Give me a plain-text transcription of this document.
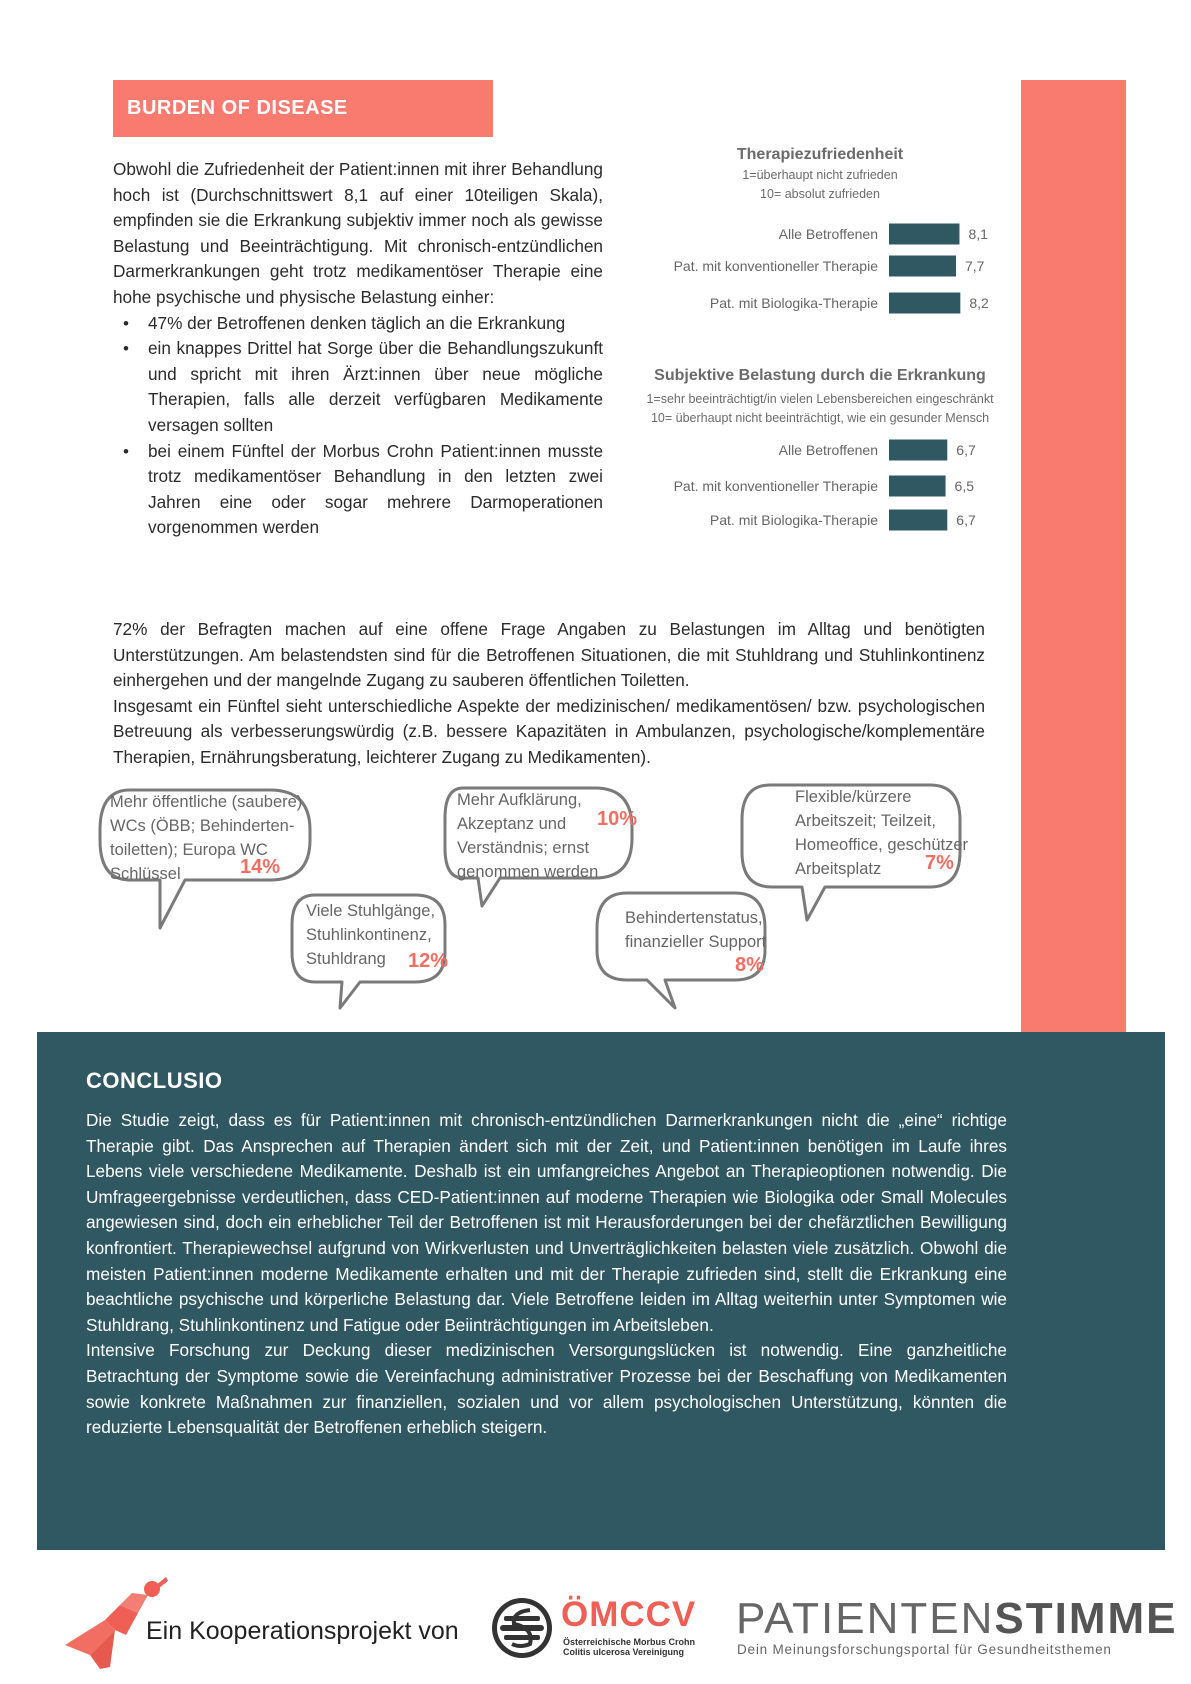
BURDEN OF DISEASE

Obwohl die Zufriedenheit der Patient:innen mit ihrer Behandlung hoch ist (Durchschnittswert 8,1 auf einer 10teiligen Skala), empfinden sie die Erkrankung subjektiv immer noch als gewisse Belastung und Beeinträchtigung. Mit chronisch-entzündlichen Darmerkrankungen geht trotz medikamentöser Therapie eine hohe psychische und physische Belastung einher:

• 47% der Betroffenen denken täglich an die Erkrankung
• ein knappes Drittel hat Sorge über die Behandlungszukunft und spricht mit ihren Ärzt:innen über neue mögliche Therapien, falls alle derzeit verfügbaren Medikamente versagen sollten
• bei einem Fünftel der Morbus Crohn Patient:innen musste trotz medikamentöser Behandlung in den letzten zwei Jahren eine oder sogar mehrere Darmoperationen vorgenommen werden
Therapiezufriedenheit
1=überhaupt nicht zufrieden
10= absolut zufrieden
Alle Betroffenen	8,1
Pat. mit konventioneller Therapie	7,7
Pat. mit Biologika-Therapie	8,2
Subjektive Belastung durch die Erkrankung
1=sehr beeinträchtigt/in vielen Lebensbereichen eingeschränkt
10= überhaupt nicht beeinträchtigt, wie ein gesunder Mensch
Alle Betroffenen	6,7
Pat. mit konventioneller Therapie	6,5
Pat. mit Biologika-Therapie	6,7

72% der Befragten machen auf eine offene Frage Angaben zu Belastungen im Alltag und benötigten Unterstützungen. Am belastendsten sind für die Betroffenen Situationen, die mit Stuhldrang und Stuhlinkontinenz einhergehen und der mangelnde Zugang zu sauberen öffentlichen Toiletten.

Insgesamt ein Fünftel sieht unterschiedliche Aspekte der medizinischen/ medikamentösen/ bzw. psychologischen Betreuung als verbesserungswürdig (z.B. bessere Kapazitäten in Ambulanzen, psychologische/komplementäre Therapien, Ernährungsberatung, leichterer Zugang zu Medikamenten).

Mehr öffentliche (saubere)
WCs (ÖBB; Behinderten-
toiletten); Europa WC
Schlüssel	14%
Viele Stuhlgänge,
Stuhlinkontinenz,
Stuhldrang	12%
Mehr Aufklärung,
Akzeptanz und
Verständnis; ernst
genommen werden
10%
Behindertenstatus,
finanzieller Support
8%
Flexible/kürzere
Arbeitszeit; Teilzeit,
Homeoffice, geschützer
Arbeitsplatz	7%
CONCLUSIO

Die Studie zeigt, dass es für Patient:innen mit chronisch-entzündlichen Darmerkrankungen nicht die „eine“ richtige Therapie gibt. Das Ansprechen auf Therapien ändert sich mit der Zeit, und Patient:innen benötigen im Laufe ihres Lebens viele verschiedene Medikamente. Deshalb ist ein umfangreiches Angebot an Therapieoptionen notwendig. Die Umfrageergebnisse verdeutlichen, dass CED-Patient:innen auf moderne Therapien wie Biologika oder Small Molecules angewiesen sind, doch ein erheblicher Teil der Betroffenen ist mit Herausforderungen bei der chefärztlichen Bewilligung konfrontiert. Therapiewechsel aufgrund von Wirkverlusten und Unverträglichkeiten belasten viele zusätzlich. Obwohl die meisten Patient:innen moderne Medikamente erhalten und mit der Therapie zufrieden sind, stellt die Erkrankung eine beachtliche psychische und körperliche Belastung dar. Viele Betroffene leiden im Alltag weiterhin unter Symptomen wie Stuhldrang, Stuhlinkontinenz und Fatigue oder Beiinträchtigungen im Arbeitsleben.

Intensive Forschung zur Deckung dieser medizinischen Versorgungslücken ist notwendig. Eine ganzheitliche Betrachtung der Symptome sowie die Vereinfachung administrativer Prozesse bei der Beschaffung von Medikamenten sowie konkrete Maßnahmen zur finanziellen, sozialen und vor allem psychologischen Unterstützung, könnten die reduzierte Lebensqualität der Betroffenen erheblich steigern.

Ein Kooperationsprojekt von	ÖMCCV
Österreichische Morbus Crohn
Colitis ulcerosa Vereinigung
PATIENTENSTIMME
Dein Meinungsforschungsportal für Gesundheitsthemen
